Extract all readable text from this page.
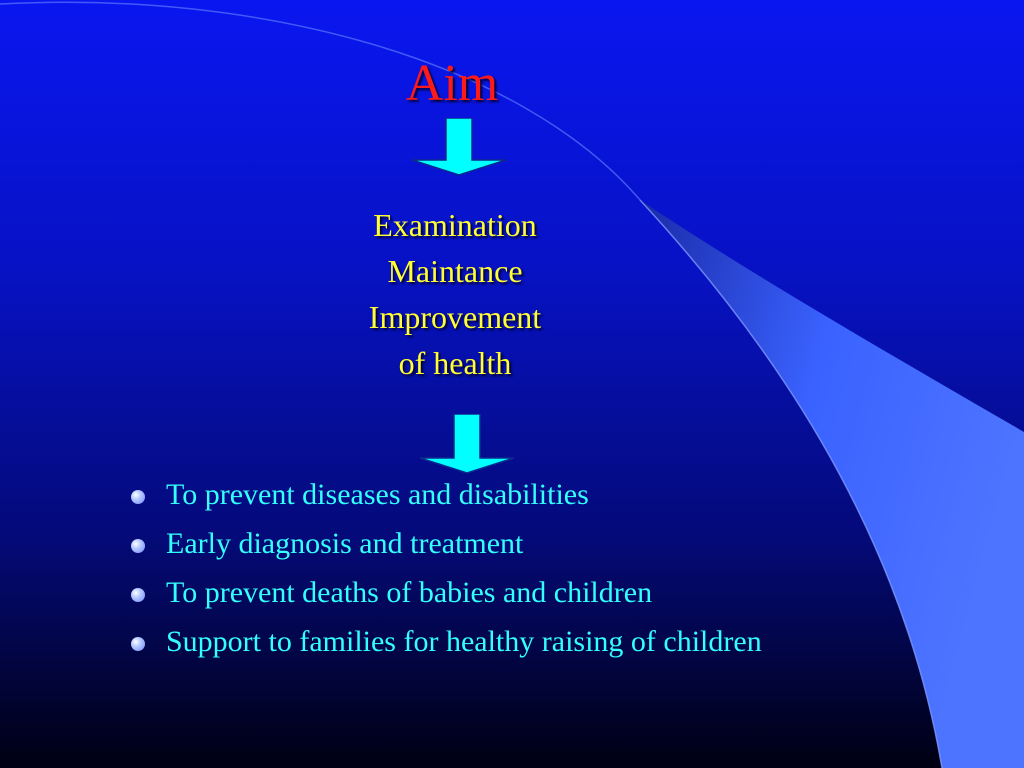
Aim
Examination
Maintance
Improvement
of health
To prevent diseases and disabilities
Early diagnosis and treatment
To prevent deaths of babies and children
Support to families for healthy raising of children
